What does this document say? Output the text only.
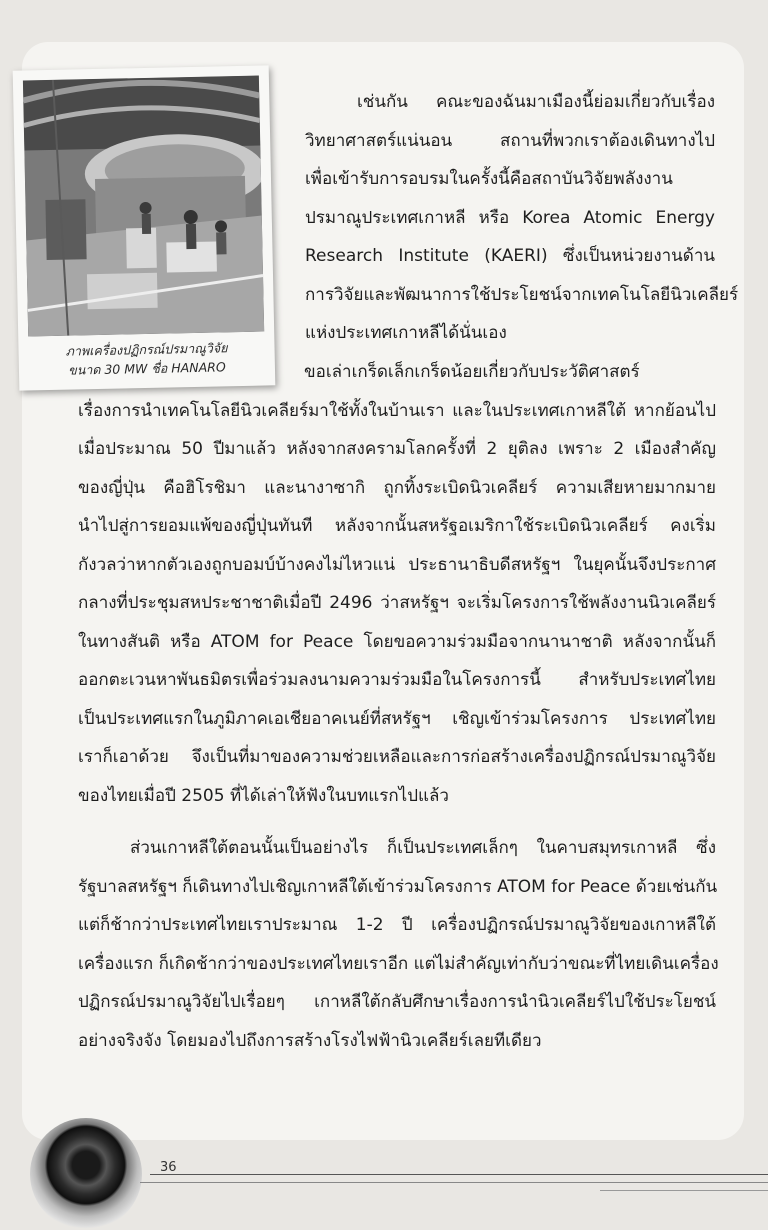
ภาพเครื่องปฏิกรณ์ปรมาณูวิจัย
ขนาด 30 MW ชื่อ HANARO
เช่นกัน คณะของฉันมาเมืองนี้ย่อมเกี่ยวกับเรื่อง
วิทยาศาสตร์แน่นอน สถานที่พวกเราต้องเดินทางไป
เพื่อเข้ารับการอบรมในครั้งนี้คือสถาบันวิจัยพลังงาน
ปรมาณูประเทศเกาหลี หรือ Korea Atomic Energy
Research Institute (KAERI) ซึ่งเป็นหน่วยงานด้าน
การวิจัยและพัฒนาการใช้ประโยชน์จากเทคโนโลยีนิวเคลียร์
แห่งประเทศเกาหลีได้นั่นเอง
ขอเล่าเกร็ดเล็กเกร็ดน้อยเกี่ยวกับประวัติศาสตร์
เรื่องการนำเทคโนโลยีนิวเคลียร์มาใช้ทั้งในบ้านเรา และในประเทศเกาหลีใต้ หากย้อนไป
เมื่อประมาณ 50 ปีมาแล้ว หลังจากสงครามโลกครั้งที่ 2 ยุติลง เพราะ 2 เมืองสำคัญ
ของญี่ปุ่น คือฮิโรชิมา และนางาซากิ ถูกทิ้งระเบิดนิวเคลียร์ ความเสียหายมากมาย
นำไปสู่การยอมแพ้ของญี่ปุ่นทันที หลังจากนั้นสหรัฐอเมริกาใช้ระเบิดนิวเคลียร์ คงเริ่ม
กังวลว่าหากตัวเองถูกบอมบ์บ้างคงไม่ไหวแน่ ประธานาธิบดีสหรัฐฯ ในยุคนั้นจึงประกาศ
กลางที่ประชุมสหประชาชาติเมื่อปี 2496 ว่าสหรัฐฯ จะเริ่มโครงการใช้พลังงานนิวเคลียร์
ในทางสันติ หรือ ATOM for Peace โดยขอความร่วมมือจากนานาชาติ หลังจากนั้นก็
ออกตะเวนหาพันธมิตรเพื่อร่วมลงนามความร่วมมือในโครงการนี้ สำหรับประเทศไทย
เป็นประเทศแรกในภูมิภาคเอเชียอาคเนย์ที่สหรัฐฯ เชิญเข้าร่วมโครงการ ประเทศไทย
เราก็เอาด้วย จึงเป็นที่มาของความช่วยเหลือและการก่อสร้างเครื่องปฏิกรณ์ปรมาณูวิจัย
ของไทยเมื่อปี 2505 ที่ได้เล่าให้ฟังในบทแรกไปแล้ว
ส่วนเกาหลีใต้ตอนนั้นเป็นอย่างไร ก็เป็นประเทศเล็กๆ ในคาบสมุทรเกาหลี ซึ่ง
รัฐบาลสหรัฐฯ ก็เดินทางไปเชิญเกาหลีใต้เข้าร่วมโครงการ ATOM for Peace ด้วยเช่นกัน
แต่ก็ช้ากว่าประเทศไทยเราประมาณ 1-2 ปี เครื่องปฏิกรณ์ปรมาณูวิจัยของเกาหลีใต้
เครื่องแรก ก็เกิดช้ากว่าของประเทศไทยเราอีก แต่ไม่สำคัญเท่ากับว่าขณะที่ไทยเดินเครื่อง
ปฏิกรณ์ปรมาณูวิจัยไปเรื่อยๆ เกาหลีใต้กลับศึกษาเรื่องการนำนิวเคลียร์ไปใช้ประโยชน์
อย่างจริงจัง โดยมองไปถึงการสร้างโรงไฟฟ้านิวเคลียร์เลยทีเดียว
36
